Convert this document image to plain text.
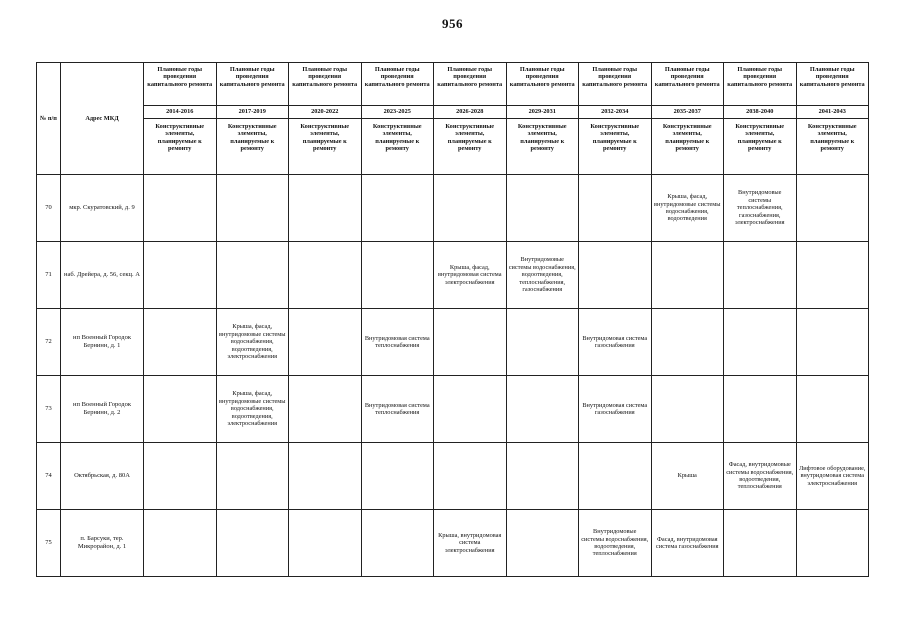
956
№ п/п	Адрес МКД	Плановые годы проведения капитального ремонта	Плановые годы проведения капитального ремонта	Плановые годы проведения капитального ремонта	Плановые годы проведения капитального ремонта	Плановые годы проведения капитального ремонта	Плановые годы проведения капитального ремонта	Плановые годы проведения капитального ремонта	Плановые годы проведения капитального ремонта	Плановые годы проведения капитального ремонта	Плановые годы проведения капитального ремонта
		2014-2016	2017-2019	2020-2022	2023-2025	2026-2028	2029-2031	2032-2034	2035-2037	2038-2040	2041-2043
		Конструктивные элементы, планируемые к ремонту	Конструктивные элементы, планируемые к ремонту	Конструктивные элементы, планируемые к ремонту	Конструктивные элементы, планируемые к ремонту	Конструктивные элементы, планируемые к ремонту	Конструктивные элементы, планируемые к ремонту	Конструктивные элементы, планируемые к ремонту	Конструктивные элементы, планируемые к ремонту	Конструктивные элементы, планируемые к ремонту	Конструктивные элементы, планируемые к ремонту
70	мкр. Скуратовский, д. 9								Крыша, фасад, внутридомовые системы водоснабжения, водоотведения	Внутридомовые системы теплоснабжения, газоснабжения, электроснабжения	
71	наб. Дрейера, д. 56, секц. А					Крыша, фасад, внутридомовая система электроснабжения	Внутридомовые системы водоснабжения, водоотведения, теплоснабжения, газоснабжения				
72	нп Военный Городок Бернинн, д. 1		Крыша, фасад, внутридомовые системы водоснабжения, водоотведения, электроснабжения		Внутридомовая система теплоснабжения			Внутридомовая система газоснабжения			
73	нп Военный Городок Бернинн, д. 2		Крыша, фасад, внутридомовые системы водоснабжения, водоотведения, электроснабжения		Внутридомовая система теплоснабжения			Внутридомовая система газоснабжения			
74	Октябрьская, д. 80А								Крыша	Фасад, внутридомовые системы водоснабжения, водоотведения, теплоснабжения	Лифтовое оборудование, внутридомовая система электроснабжения
75	п. Барсуки, тер. Микрорайон, д. 1					Крыша, внутридомовая система электроснабжения		Внутридомовые системы водоснабжения, водоотведения, теплоснабжения	Фасад, внутридомовая система газоснабжения		
